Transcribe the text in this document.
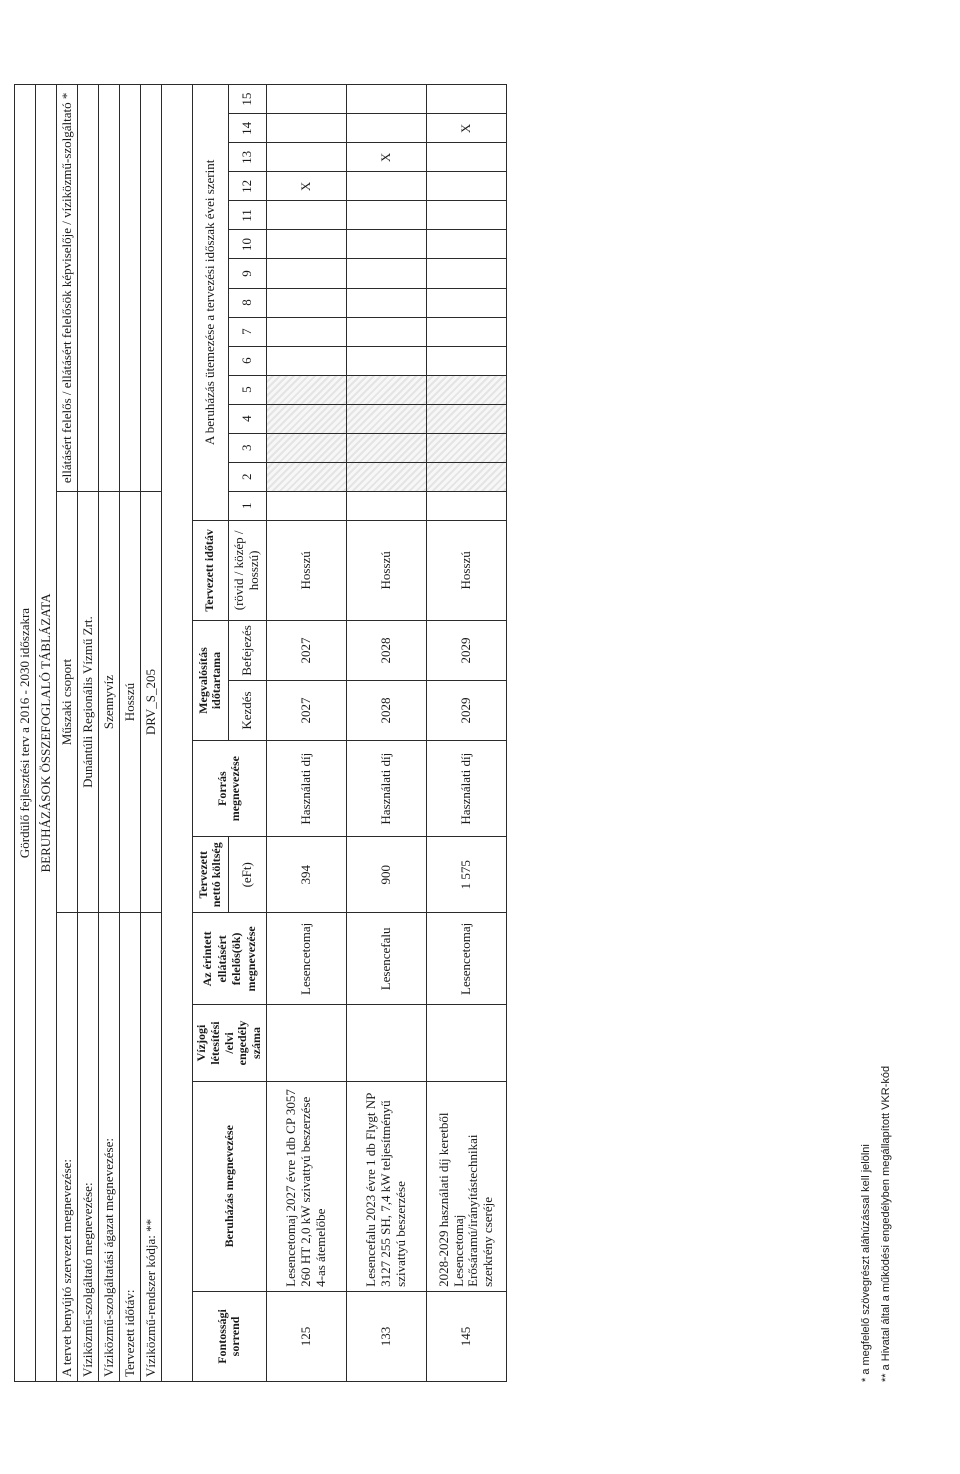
Gördülő fejlesztési terv a 2016 - 2030 időszakra																							
BERUHÁZÁSOK ÖSSZEFOGLALÓ TÁBLÁZATA																							
A tervet benyújtó szervezet megnevezése:				Műszaki csoport						ellátásért felelős / ellátásért felelősök képviselője / víziközmű-szolgáltató *													
Víziközmű-szolgáltató megnevezése:				Dunántúli Regionális Vízmű Zrt.																			
Víziközmű-szolgáltatási ágazat megnevezése:				Szennyvíz																			
Tervezett időtáv:				Hosszú																			
Víziközmű-rendszer kódja: **				DRV_S_205																			

Fontossági sorrend	Beruházás megnevezése	Vízjogi létesítési /elvi engedély száma	Az érintett ellátásért felelős(ök) megnevezése	Tervezett nettó költség	Forrás megnevezése	Megvalósítás időtartama		Tervezett időtáv	A beruházás ütemezése a tervezési időszak évei szerint														
				(eFt)		Kezdés	Befejezés	(rövid / közép / hosszú)	1	2	3	4	5	6	7	8	9	10	11	12	13	14	15
125	Lesencetomaj 2027 évre 1db CP 3057 260 HT 2,0 kW szivattyú beszerzése 4-as átemelőbe		Lesencetomaj	394	Használati díj	2027	2027	Hosszú												X			
133	Lesencefalu 2023 évre 1 db Flygt NP 3127 255 SH, 7,4 kW teljesítményű szivattyú beszerzése		Lesencefalu	900	Használati díj	2028	2028	Hosszú													X		
145	2028-2029 használati díj keretből Lesencetomaj Erősáramú/irányítástechnikai szerkrény cseréje		Lesencetomaj	1 575	Használati díj	2029	2029	Hosszú														X	
* a megfelelő szövegrészt aláhúzással kell jelölni ** a Hivatal által a működési engedélyben megállapított VKR-kód
